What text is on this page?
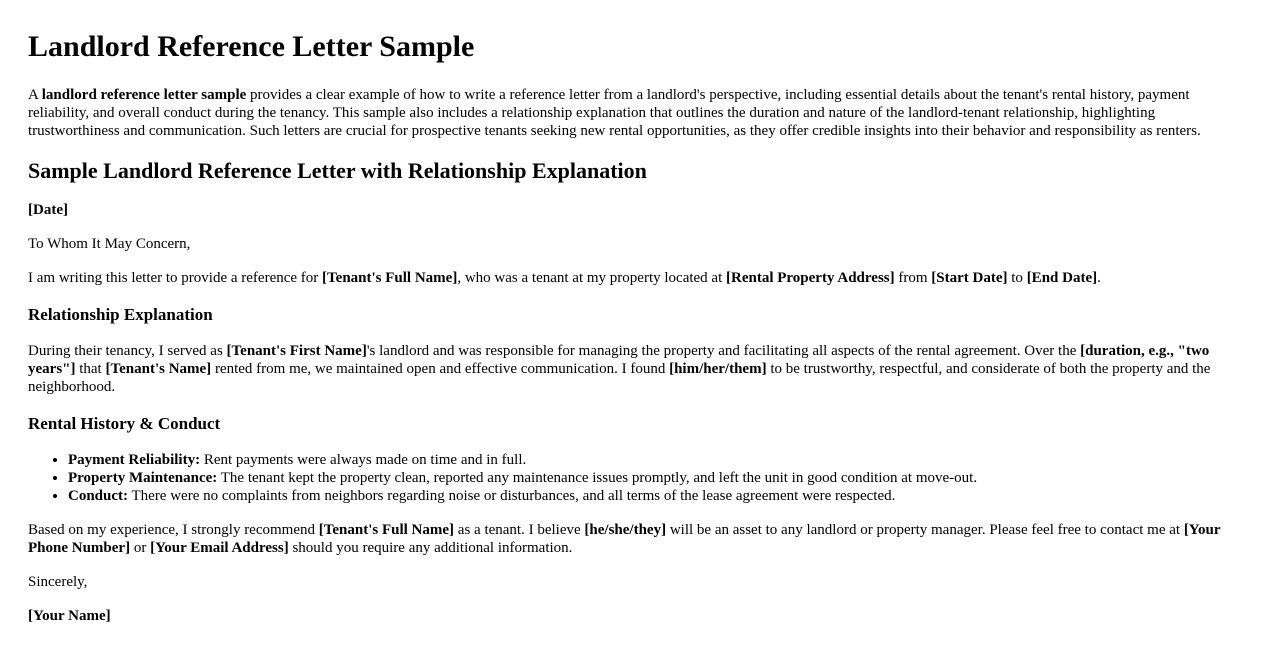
Landlord Reference Letter Sample

A landlord reference letter sample provides a clear example of how to write a reference letter from a landlord's perspective, including essential details about the tenant's rental history, payment reliability, and overall conduct during the tenancy. This sample also includes a relationship explanation that outlines the duration and nature of the landlord-tenant relationship, highlighting trustworthiness and communication. Such letters are crucial for prospective tenants seeking new rental opportunities, as they offer credible insights into their behavior and responsibility as renters.

Sample Landlord Reference Letter with Relationship Explanation

[Date]

To Whom It May Concern,

I am writing this letter to provide a reference for [Tenant's Full Name], who was a tenant at my property located at [Rental Property Address] from [Start Date] to [End Date].

Relationship Explanation

During their tenancy, I served as [Tenant's First Name]'s landlord and was responsible for managing the property and facilitating all aspects of the rental agreement. Over the [duration, e.g., "two years"] that [Tenant's Name] rented from me, we maintained open and effective communication. I found [him/her/them] to be trustworthy, respectful, and considerate of both the property and the neighborhood.

Rental History & Conduct
• Payment Reliability: Rent payments were always made on time and in full.
• Property Maintenance: The tenant kept the property clean, reported any maintenance issues promptly, and left the unit in good condition at move-out.
• Conduct: There were no complaints from neighbors regarding noise or disturbances, and all terms of the lease agreement were respected.

Based on my experience, I strongly recommend [Tenant's Full Name] as a tenant. I believe [he/she/they] will be an asset to any landlord or property manager. Please feel free to contact me at [Your Phone Number] or [Your Email Address] should you require any additional information.

Sincerely,

[Your Name]
